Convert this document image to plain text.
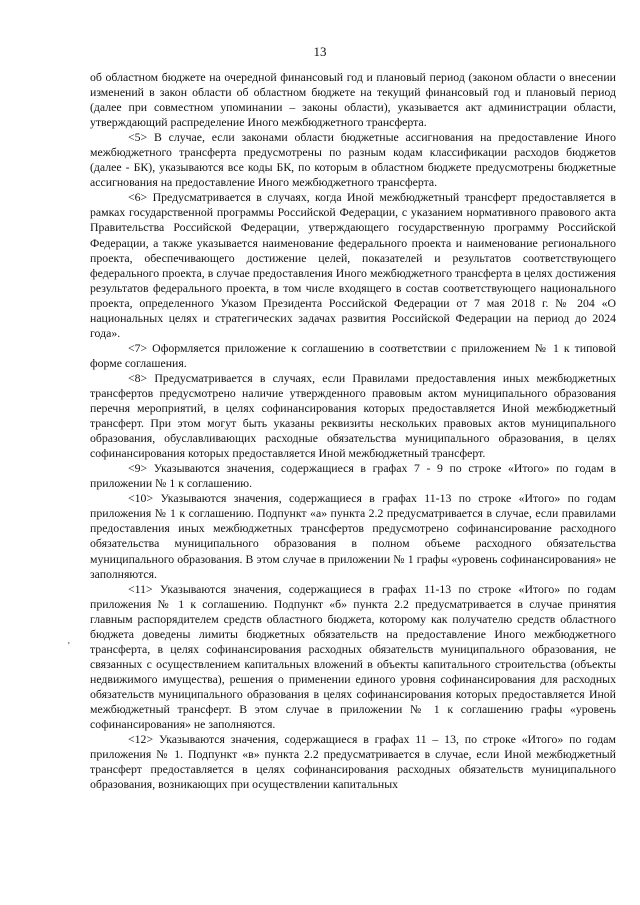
13

об областном бюджете на очередной финансовый год и плановый период (законом области о внесении изменений в закон области об областном бюджете на текущий финансовый год и плановый период (далее при совместном упоминании – законы области), указывается акт администрации области, утверждающий распределение Иного межбюджетного трансферта.

<5> В случае, если законами области бюджетные ассигнования на предоставление Иного межбюджетного трансферта предусмотрены по разным кодам классификации расходов бюджетов (далее - БК), указываются все коды БК, по которым в областном бюджете предусмотрены бюджетные ассигнования на предоставление Иного межбюджетного трансферта.

<6> Предусматривается в случаях, когда Иной межбюджетный трансферт предоставляется в рамках государственной программы Российской Федерации, с указанием нормативного правового акта Правительства Российской Федерации, утверждающего государственную программу Российской Федерации, а также указывается наименование федерального проекта и наименование регионального проекта, обеспечивающего достижение целей, показателей и результатов соответствующего федерального проекта, в случае предоставления Иного межбюджетного трансферта в целях достижения результатов федерального проекта, в том числе входящего в состав соответствующего национального проекта, определенного Указом Президента Российской Федерации от 7 мая 2018 г. № 204 «О национальных целях и стратегических задачах развития Российской Федерации на период до 2024 года».

<7> Оформляется приложение к соглашению в соответствии с приложением № 1 к типовой форме соглашения.

<8> Предусматривается в случаях, если Правилами предоставления иных межбюджетных трансфертов предусмотрено наличие утвержденного правовым актом муниципального образования перечня мероприятий, в целях софинансирования которых предоставляется Иной межбюджетный трансферт. При этом могут быть указаны реквизиты нескольких правовых актов муниципального образования, обуславливающих расходные обязательства муниципального образования, в целях софинансирования которых предоставляется Иной межбюджетный трансферт.

<9> Указываются значения, содержащиеся в графах 7 - 9 по строке «Итого» по годам в приложении № 1 к соглашению.

<10> Указываются значения, содержащиеся в графах 11-13 по строке «Итого» по годам приложения № 1 к соглашению. Подпункт «а» пункта 2.2 предусматривается в случае, если правилами предоставления иных межбюджетных трансфертов предусмотрено софинансирование расходного обязательства муниципального образования в полном объеме расходного обязательства муниципального образования. В этом случае в приложении № 1 графы «уровень софинансирования» не заполняются.

<11> Указываются значения, содержащиеся в графах 11-13 по строке «Итого» по годам приложения № 1 к соглашению. Подпункт «б» пункта 2.2 предусматривается в случае принятия главным распорядителем средств областного бюджета, которому как получателю средств областного бюджета доведены лимиты бюджетных обязательств на предоставление Иного межбюджетного трансферта, в целях софинансирования расходных обязательств муниципального образования, не связанных с осуществлением капитальных вложений в объекты капитального строительства (объекты недвижимого имущества), решения о применении единого уровня софинансирования для расходных обязательств муниципального образования в целях софинансирования которых предоставляется Иной межбюджетный трансферт. В этом случае в приложении № 1 к соглашению графы «уровень софинансирования» не заполняются.

<12> Указываются значения, содержащиеся в графах 11 – 13, по строке «Итого» по годам приложения № 1. Подпункт «в» пункта 2.2 предусматривается в случае, если Иной межбюджетный трансферт предоставляется в целях софинансирования расходных обязательств муниципального образования, возникающих при осуществлении капитальных

'
